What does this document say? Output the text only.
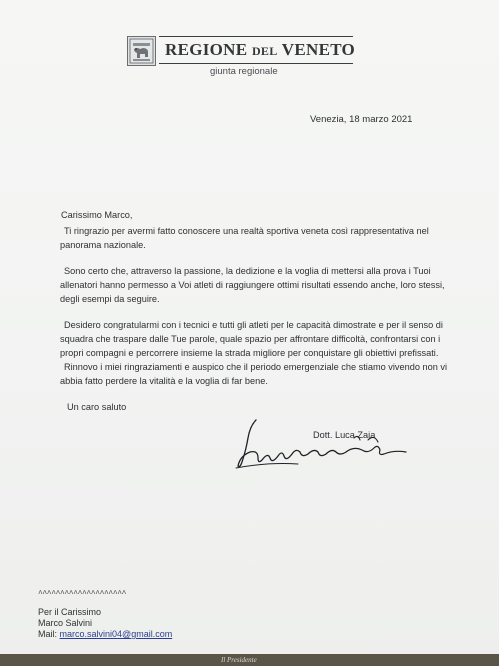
REGIONE DEL VENETO
giunta regionale
Venezia, 18 marzo 2021
Carissimo Marco,
Ti ringrazio per avermi fatto conoscere una realtà sportiva veneta così rappresentativa nel panorama nazionale.
Sono certo che, attraverso la passione, la dedizione e la voglia di mettersi alla prova i Tuoi allenatori hanno permesso a Voi atleti di raggiungere ottimi risultati essendo anche, loro stessi, degli esempi da seguire.
Desidero congratularmi con i tecnici e tutti gli atleti per le capacità dimostrate e per il senso di squadra che traspare dalle Tue parole, quale spazio per affrontare difficoltà, confrontarsi con i propri compagni e percorrere insieme la strada migliore per conquistare gli obiettivi prefissati.
Rinnovo i miei ringraziamenti e auspico che il periodo emergenziale che stiamo vivendo non vi abbia fatto perdere la vitalità e la voglia di far bene.
Un caro saluto
Dott. Luca Zaia
^^^^^^^^^^^^^^^^^^^^
Per il Carissimo
Marco Salvini
Mail: marco.salvini04@gmail.com
Il Presidente
